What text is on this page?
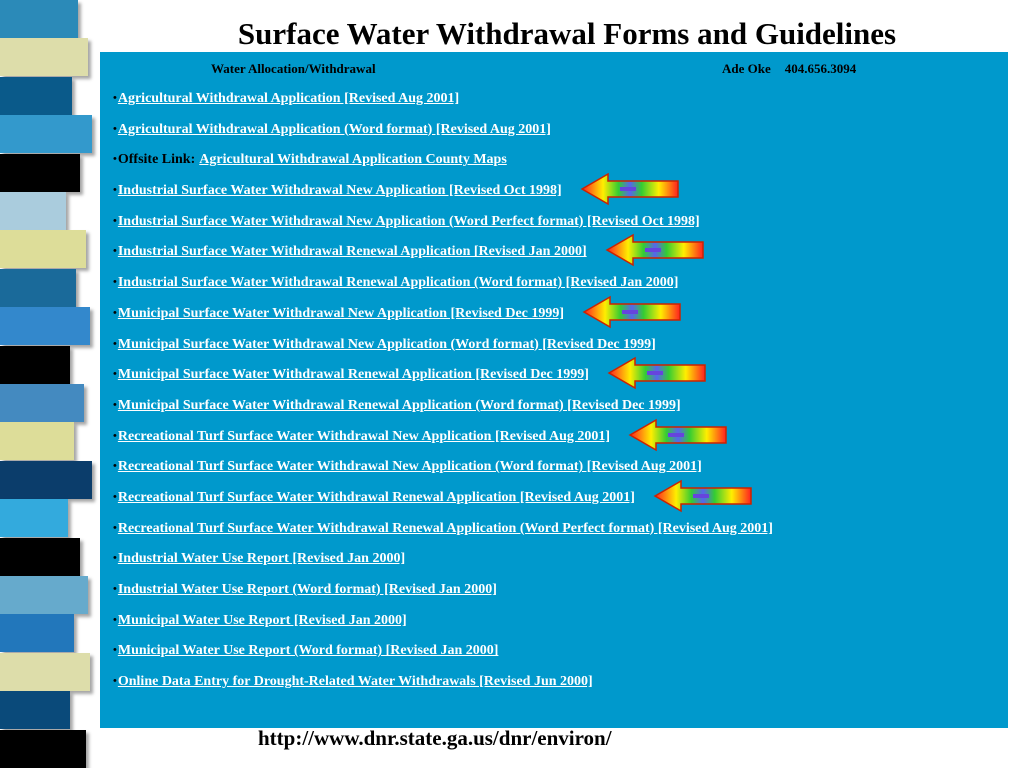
Surface Water Withdrawal Forms and Guidelines
Water Allocation/Withdrawal	Ade Oke 404.656.3094
• Agricultural Withdrawal Application [Revised Aug 2001]
• Agricultural Withdrawal Application (Word format) [Revised Aug 2001]
• Offsite Link: Agricultural Withdrawal Application County Maps
• Industrial Surface Water Withdrawal New Application [Revised Oct 1998]
• Industrial Surface Water Withdrawal New Application (Word Perfect format) [Revised Oct 1998]
• Industrial Surface Water Withdrawal Renewal Application [Revised Jan 2000]
• Industrial Surface Water Withdrawal Renewal Application (Word format) [Revised Jan 2000]
• Municipal Surface Water Withdrawal New Application [Revised Dec 1999]
• Municipal Surface Water Withdrawal New Application (Word format) [Revised Dec 1999]
• Municipal Surface Water Withdrawal Renewal Application [Revised Dec 1999]
• Municipal Surface Water Withdrawal Renewal Application (Word format) [Revised Dec 1999]
• Recreational Turf Surface Water Withdrawal New Application [Revised Aug 2001]
• Recreational Turf Surface Water Withdrawal New Application (Word format) [Revised Aug 2001]
• Recreational Turf Surface Water Withdrawal Renewal Application [Revised Aug 2001]
• Recreational Turf Surface Water Withdrawal Renewal Application (Word Perfect format) [Revised Aug 2001]
• Industrial Water Use Report [Revised Jan 2000]
• Industrial Water Use Report (Word format) [Revised Jan 2000]
• Municipal Water Use Report [Revised Jan 2000]
• Municipal Water Use Report (Word format) [Revised Jan 2000]
• Online Data Entry for Drought-Related Water Withdrawals [Revised Jun 2000]
http://www.dnr.state.ga.us/dnr/environ/
